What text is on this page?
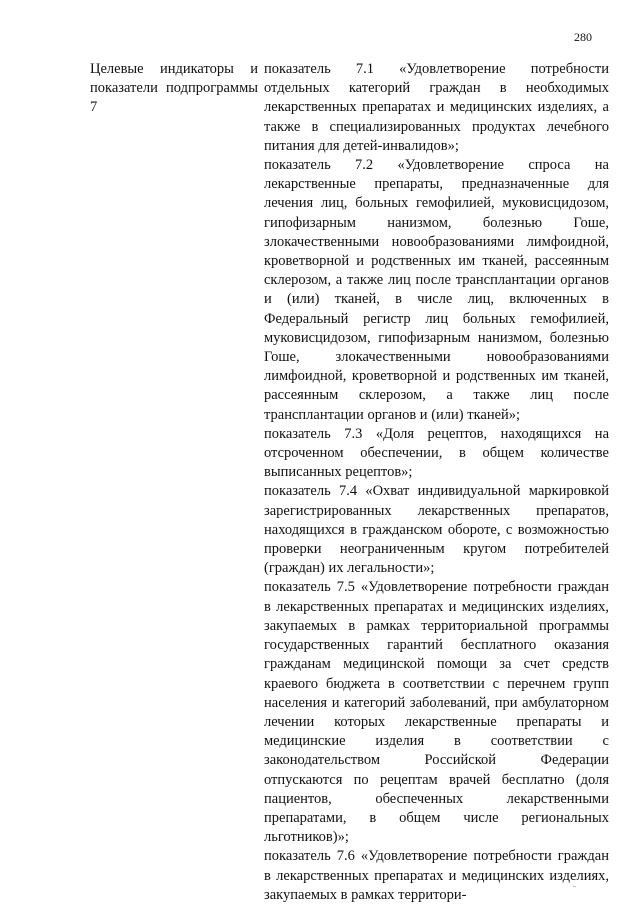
280
Целевые индикаторы и показатели подпрограммы 7

показатель 7.1 «Удовлетворение потребности отдельных категорий граждан в необходимых лекарственных препаратах и медицинских изделиях, а также в специализированных продуктах лечебного питания для детей-инвалидов»;

показатель 7.2 «Удовлетворение спроса на лекарственные препараты, предназначенные для лечения лиц, больных гемофилией, муковисцидозом, гипофизарным нанизмом, болезнью Гоше, злокачественными новообразованиями лимфоидной, кроветворной и родственных им тканей, рассеянным склерозом, а также лиц после трансплантации органов и (или) тканей, в числе лиц, включенных в Федеральный регистр лиц больных гемофилией, муковисцидозом, гипофизарным нанизмом, болезнью Гоше, злокачественными новообразованиями лимфоидной, кроветворной и родственных им тканей, рассеянным склерозом, а также лиц после трансплантации органов и (или) тканей»;

показатель 7.3 «Доля рецептов, находящихся на отсроченном обеспечении, в общем количестве выписанных рецептов»;

показатель 7.4 «Охват индивидуальной маркировкой зарегистрированных лекарственных препаратов, находящихся в гражданском обороте, с возможностью проверки неограниченным кругом потребителей (граждан) их легальности»;

показатель 7.5 «Удовлетворение потребности граждан в лекарственных препаратах и медицинских изделиях, закупаемых в рамках территориальной программы государственных гарантий бесплатного оказания гражданам медицинской помощи за счет средств краевого бюджета в соответствии с перечнем групп населения и категорий заболеваний, при амбулаторном лечении которых лекарственные препараты и медицинские изделия в соответствии с законодательством Российской Федерации отпускаются по рецептам врачей бесплатно (доля пациентов, обеспеченных лекарственными препаратами, в общем числе региональных льготников)»;

показатель 7.6 «Удовлетворение потребности граждан в лекарственных препаратах и медицинских изделиях, закупаемых в рамках территори-
